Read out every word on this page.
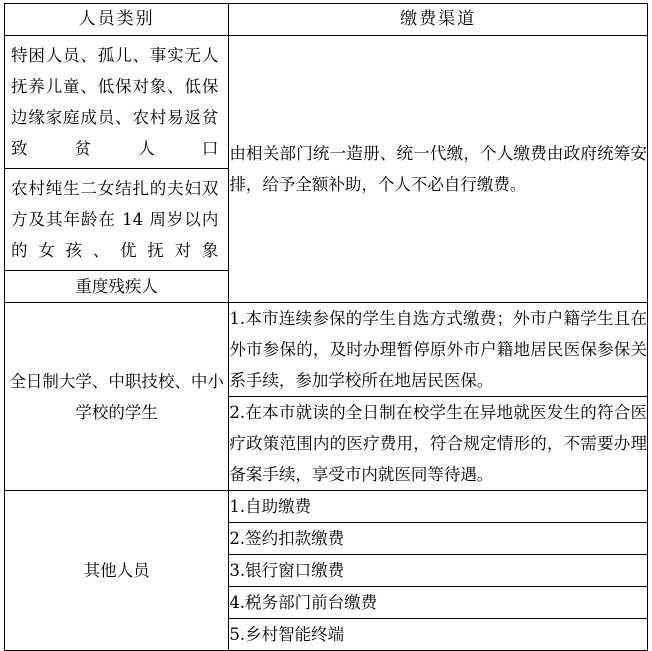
人员类别	缴费渠道
特困人员、孤儿、事实无人抚养儿童、低保对象、低保边缘家庭成员、农村易返贫致贫人口	由相关部门统一造册、统一代缴，个人缴费由政府统筹安排，给予全额补助，个人不必自行缴费。
农村纯生二女结扎的夫妇双方及其年龄在 14 周岁以内的女孩、优抚对象	
重度残疾人	
全日制大学、中职技校、中小学校的学生	1.本市连续参保的学生自选方式缴费；外市户籍学生且在外市参保的，及时办理暂停原外市户籍地居民医保参保关系手续，参加学校所在地居民医保。
	2.在本市就读的全日制在校学生在异地就医发生的符合医疗政策范围内的医疗费用，符合规定情形的，不需要办理备案手续，享受市内就医同等待遇。
其他人员	1.自助缴费
	2.签约扣款缴费
	3.银行窗口缴费
	4.税务部门前台缴费
	5.乡村智能终端
